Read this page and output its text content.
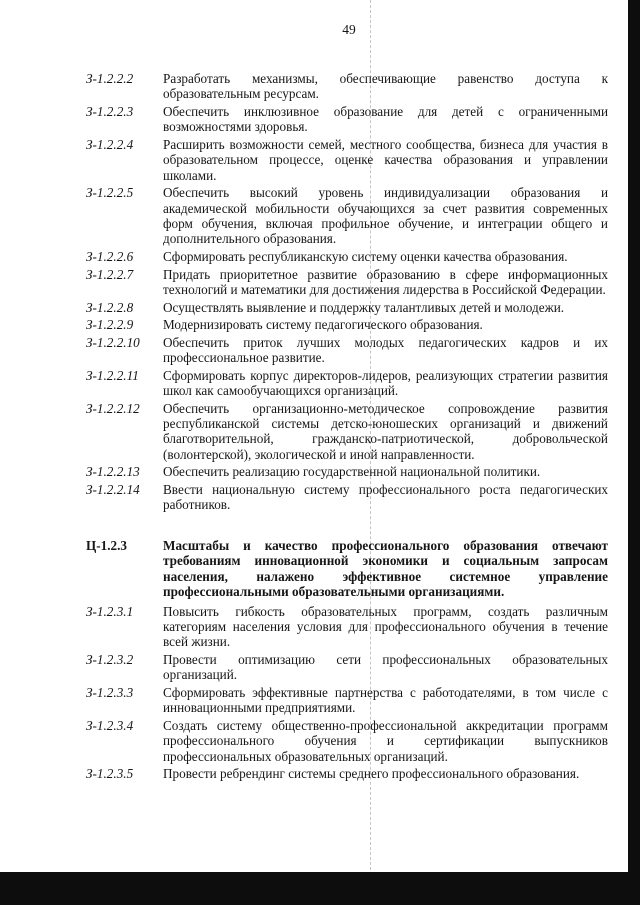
49
З-1.2.2.2	Разработать механизмы, обеспечивающие равенство доступа к образовательным ресурсам.
З-1.2.2.3	Обеспечить инклюзивное образование для детей с ограниченными возможностями здоровья.
З-1.2.2.4	Расширить возможности семей, местного сообщества, бизнеса для участия в образовательном процессе, оценке качества образования и управлении школами.
З-1.2.2.5	Обеспечить высокий уровень индивидуализации образования и академической мобильности обучающихся за счет развития современных форм обучения, включая профильное обучение, и интеграции общего и дополнительного образования.
З-1.2.2.6	Сформировать республиканскую систему оценки качества образования.
З-1.2.2.7	Придать приоритетное развитие образованию в сфере информационных технологий и математики для достижения лидерства в Российской Федерации.
З-1.2.2.8	Осуществлять выявление и поддержку талантливых детей и молодежи.
З-1.2.2.9	Модернизировать систему педагогического образования.
З-1.2.2.10	Обеспечить приток лучших молодых педагогических кадров и их профессиональное развитие.
З-1.2.2.11	Сформировать корпус директоров-лидеров, реализующих стратегии развития школ как самообучающихся организаций.
З-1.2.2.12	Обеспечить организационно-методическое сопровождение развития республиканской системы детско-юношеских организаций и движений благотворительной, гражданско-патриотической, добровольческой (волонтерской), экологической и иной направленности.
З-1.2.2.13	Обеспечить реализацию государственной национальной политики.
З-1.2.2.14	Ввести национальную систему профессионального роста педагогических работников.
Ц-1.2.3	Масштабы и качество профессионального образования отвечают требованиям инновационной экономики и социальным запросам населения, налажено эффективное системное управление профессиональными образовательными организациями.
З-1.2.3.1	Повысить гибкость образовательных программ, создать различным категориям населения условия для профессионального обучения в течение всей жизни.
З-1.2.3.2	Провести оптимизацию сети профессиональных образовательных организаций.
З-1.2.3.3	Сформировать эффективные партнерства с работодателями, в том числе с инновационными предприятиями.
З-1.2.3.4	Создать систему общественно-профессиональной аккредитации программ профессионального обучения и сертификации выпускников профессиональных образовательных организаций.
З-1.2.3.5	Провести ребрендинг системы среднего профессионального образования.
